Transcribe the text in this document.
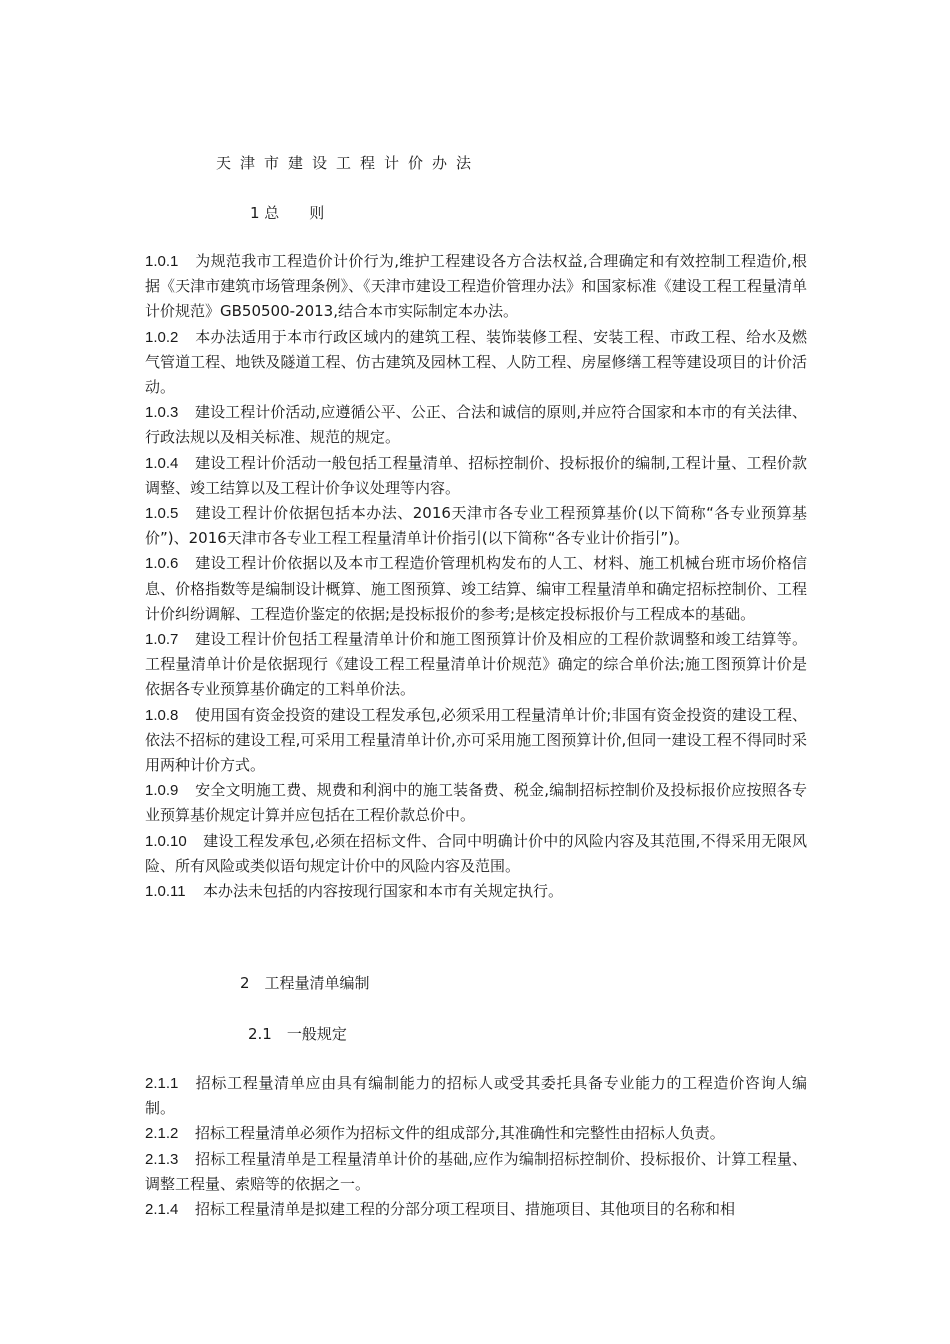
天津市建设工程计价办法
1 总　　则

1.0.1 为规范我市工程造价计价行为,维护工程建设各方合法权益,合理确定和有效控制工程造价,根据《天津市建筑市场管理条例》、《天津市建设工程造价管理办法》和国家标准《建设工程工程量清单计价规范》GB50500-2013,结合本市实际制定本办法。

1.0.2 本办法适用于本市行政区域内的建筑工程、装饰装修工程、安装工程、市政工程、给水及燃气管道工程、地铁及隧道工程、仿古建筑及园林工程、人防工程、房屋修缮工程等建设项目的计价活动。

1.0.3 建设工程计价活动,应遵循公平、公正、合法和诚信的原则,并应符合国家和本市的有关法律、行政法规以及相关标准、规范的规定。

1.0.4 建设工程计价活动一般包括工程量清单、招标控制价、投标报价的编制,工程计量、工程价款调整、竣工结算以及工程计价争议处理等内容。

1.0.5 建设工程计价依据包括本办法、2016天津市各专业工程预算基价(以下简称“各专业预算基价”)、2016天津市各专业工程工程量清单计价指引(以下简称“各专业计价指引”)。

1.0.6 建设工程计价依据以及本市工程造价管理机构发布的人工、材料、施工机械台班市场价格信息、价格指数等是编制设计概算、施工图预算、竣工结算、编审工程量清单和确定招标控制价、工程计价纠纷调解、工程造价鉴定的依据;是投标报价的参考;是核定投标报价与工程成本的基础。

1.0.7 建设工程计价包括工程量清单计价和施工图预算计价及相应的工程价款调整和竣工结算等。工程量清单计价是依据现行《建设工程工程量清单计价规范》确定的综合单价法;施工图预算计价是依据各专业预算基价确定的工料单价法。

1.0.8 使用国有资金投资的建设工程发承包,必须采用工程量清单计价;非国有资金投资的建设工程、依法不招标的建设工程,可采用工程量清单计价,亦可采用施工图预算计价,但同一建设工程不得同时采用两种计价方式。

1.0.9 安全文明施工费、规费和利润中的施工装备费、税金,编制招标控制价及投标报价应按照各专业预算基价规定计算并应包括在工程价款总价中。

1.0.10 建设工程发承包,必须在招标文件、合同中明确计价中的风险内容及其范围,不得采用无限风险、所有风险或类似语句规定计价中的风险内容及范围。

1.0.11 本办法未包括的内容按现行国家和本市有关规定执行。

2　工程量清单编制
2.1　一般规定

2.1.1 招标工程量清单应由具有编制能力的招标人或受其委托具备专业能力的工程造价咨询人编制。

2.1.2 招标工程量清单必须作为招标文件的组成部分,其准确性和完整性由招标人负责。

2.1.3 招标工程量清单是工程量清单计价的基础,应作为编制招标控制价、投标报价、计算工程量、调整工程量、索赔等的依据之一。

2.1.4 招标工程量清单是拟建工程的分部分项工程项目、措施项目、其他项目的名称和相
